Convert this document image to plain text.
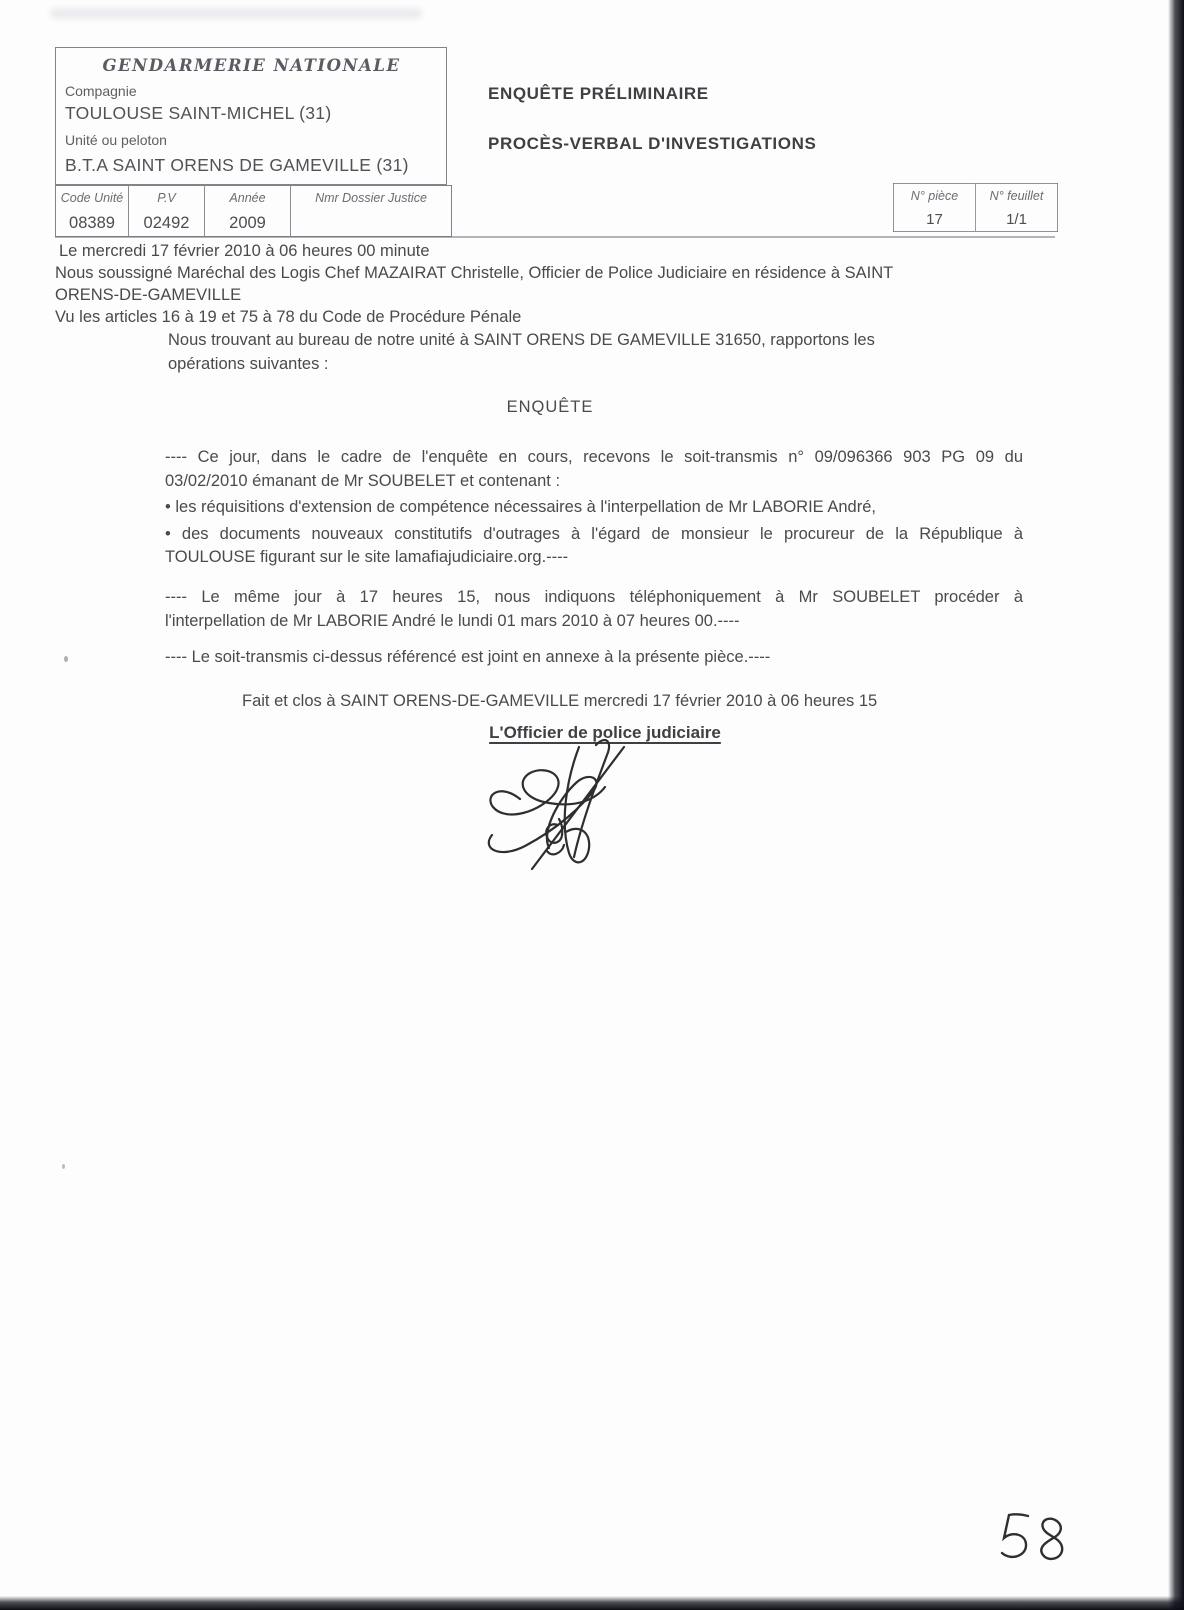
GENDARMERIE NATIONALE
Compagnie
TOULOUSE SAINT-MICHEL (31)
Unité ou peloton
B.T.A SAINT ORENS DE GAMEVILLE (31)
Code Unité	P.V	Année	Nmr Dossier Justice
08389	02492	2009	
ENQUÊTE PRÉLIMINAIRE
PROCÈS-VERBAL D'INVESTIGATIONS
N° pièce	N° feuillet
17	1/1
Le mercredi 17 février 2010 à 06 heures 00 minute
Nous soussigné Maréchal des Logis Chef MAZAIRAT Christelle, Officier de Police Judiciaire en résidence à SAINT
ORENS-DE-GAMEVILLE
Vu les articles 16 à 19 et 75 à 78 du Code de Procédure Pénale
Nous trouvant au bureau de notre unité à SAINT ORENS DE GAMEVILLE 31650, rapportons les
opérations suivantes :
ENQUÊTE
---- Ce jour, dans le cadre de l'enquête en cours, recevons le soit-transmis n° 09/096366 903 PG 09 du
03/02/2010 émanant de Mr SOUBELET et contenant :
• les réquisitions d'extension de compétence nécessaires à l'interpellation de Mr LABORIE André,
• des documents nouveaux constitutifs d'outrages à l'égard de monsieur le procureur de la République à
TOULOUSE figurant sur le site lamafiajudiciaire.org.----
---- Le même jour à 17 heures 15, nous indiquons téléphoniquement à Mr SOUBELET procéder à
l'interpellation de Mr LABORIE André le lundi 01 mars 2010 à 07 heures 00.----
---- Le soit-transmis ci-dessus référencé est joint en annexe à la présente pièce.----
Fait et clos à SAINT ORENS-DE-GAMEVILLE mercredi 17 février 2010 à 06 heures 15
L'Officier de police judiciaire
